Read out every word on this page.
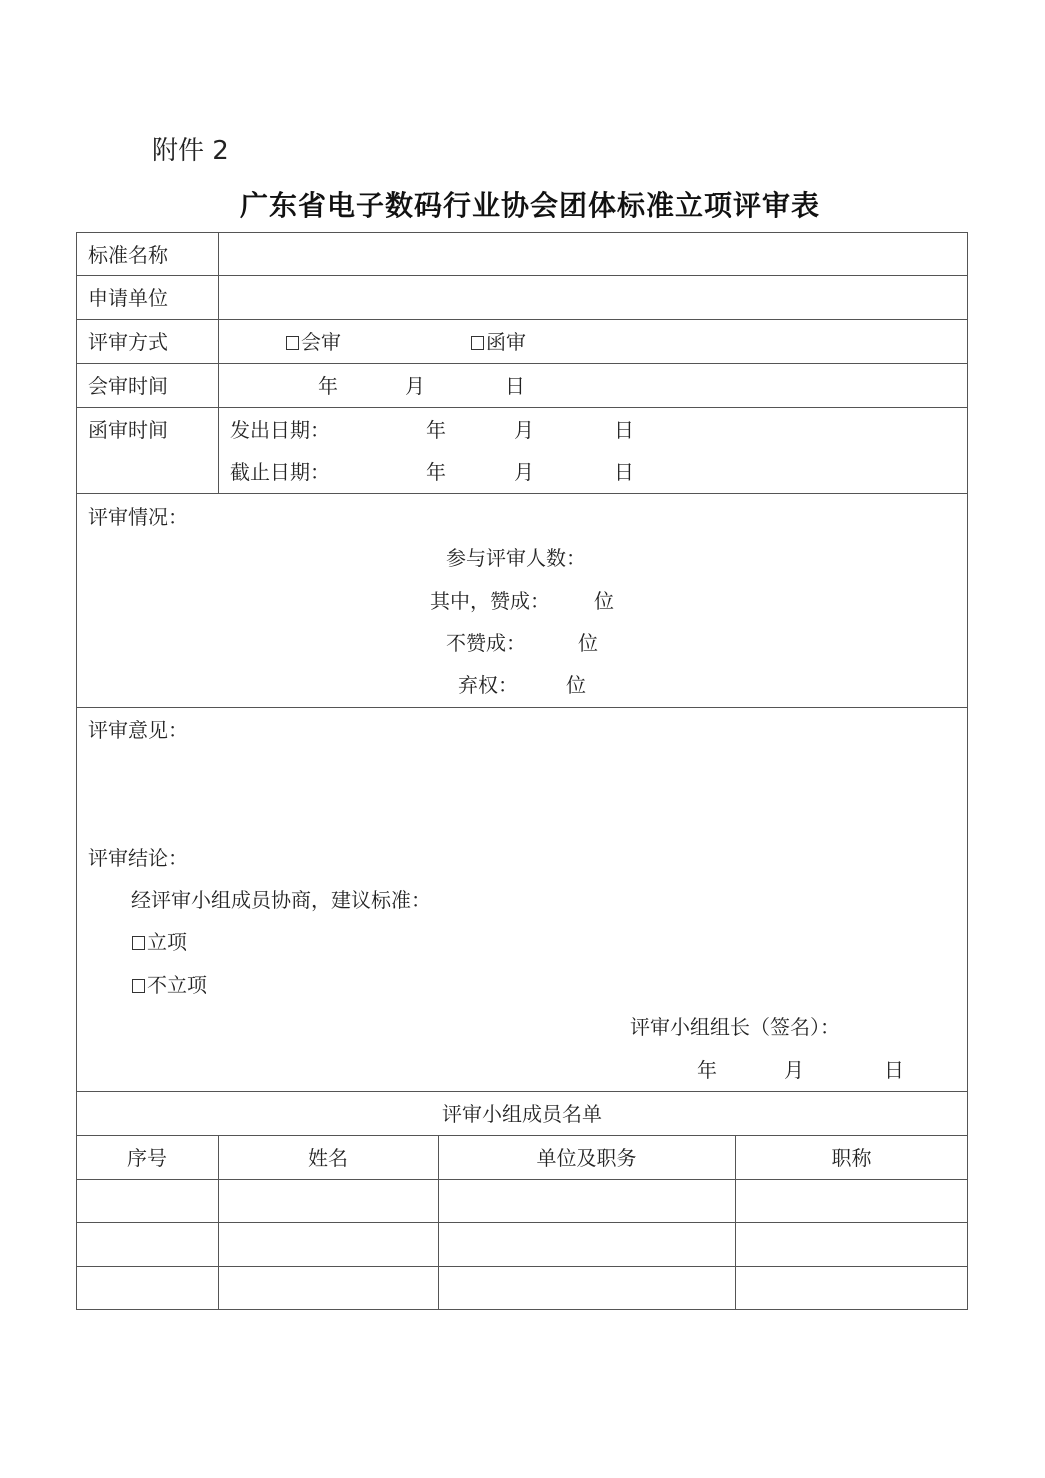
附件 2
广东省电子数码行业协会团体标准立项评审表
标准名称
申请单位
评审方式	会审	函审
会审时间	年	月	日
函审时间	发出日期：	年	月	日
截止日期：	年	月	日
评审情况：
参与评审人数：
其中，赞成： 位
不赞成：	位
弃权： 位
评审意见：
评审结论：
经评审小组成员协商，建议标准：
立项
不立项
评审小组组长（签名）：
年	月	日
评审小组成员名单
序号	姓名	单位及职务	职称
